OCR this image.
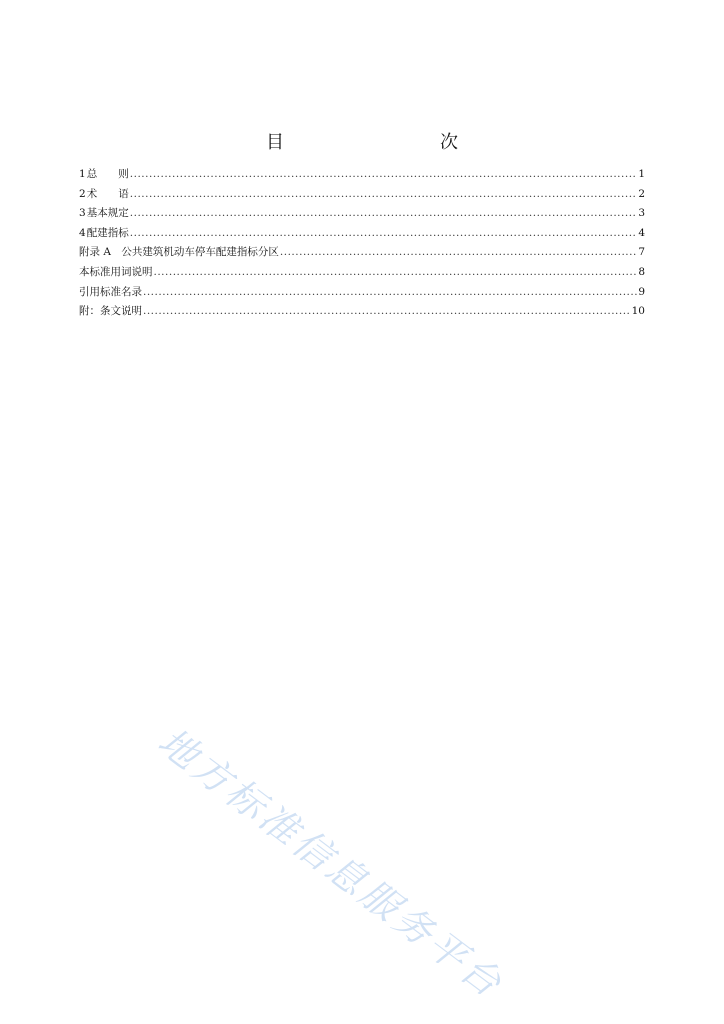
目　　次
1 总　　则 .....	1
2 术　　语 .....	2
3 基本规定 .....	3
4 配建指标 .....	4
附录 A　公共建筑机动车停车配建指标分区 .....	7
本标准用词说明 .....	8
引用标准名录 .....	9
附：条文说明 .....	10
地方标准信息服务平台
